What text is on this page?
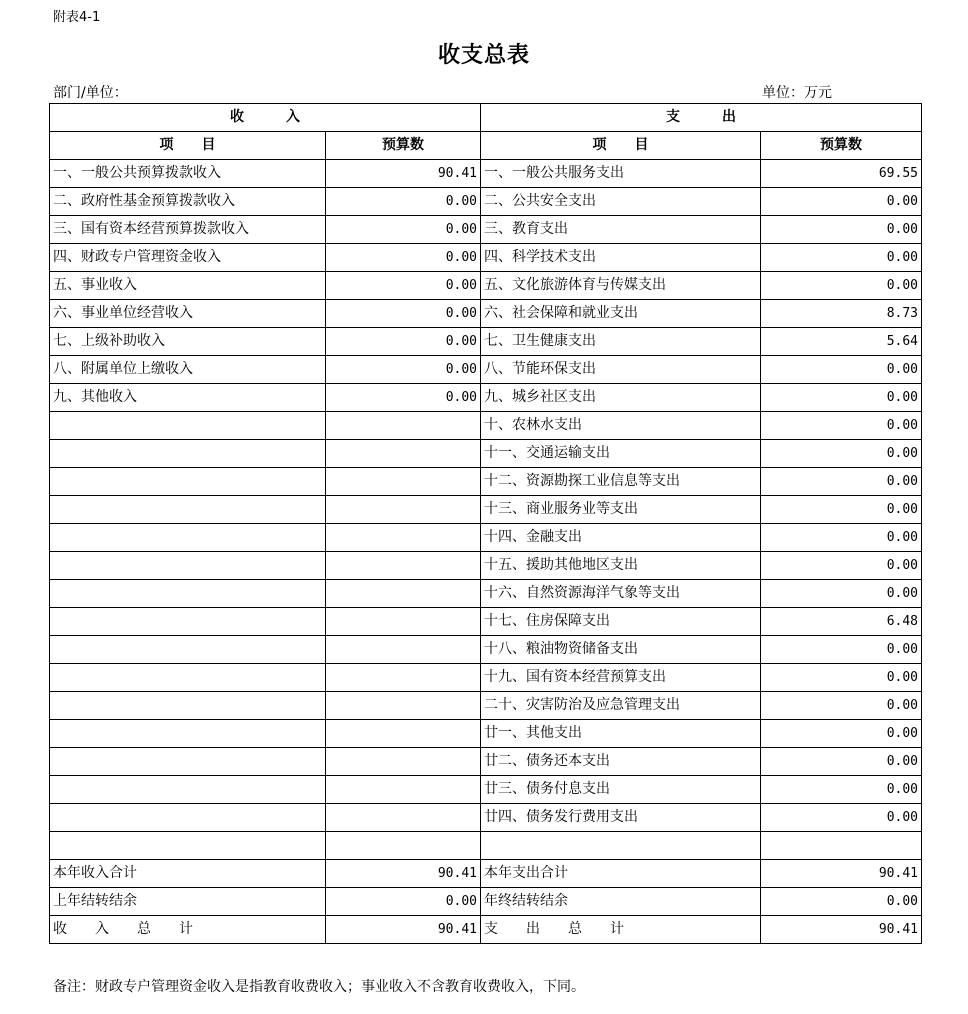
附表4-1
收支总表
部门/单位：	单位：万元
收　　　入		支　　　出	
项　　目	预算数	项　　目	预算数
一、一般公共预算拨款收入	90.41	一、一般公共服务支出	69.55
二、政府性基金预算拨款收入	0.00	二、公共安全支出	0.00
三、国有资本经营预算拨款收入	0.00	三、教育支出	0.00
四、财政专户管理资金收入	0.00	四、科学技术支出	0.00
五、事业收入	0.00	五、文化旅游体育与传媒支出	0.00
六、事业单位经营收入	0.00	六、社会保障和就业支出	8.73
七、上级补助收入	0.00	七、卫生健康支出	5.64
八、附属单位上缴收入	0.00	八、节能环保支出	0.00
九、其他收入	0.00	九、城乡社区支出	0.00
		十、农林水支出	0.00
		十一、交通运输支出	0.00
		十二、资源勘探工业信息等支出	0.00
		十三、商业服务业等支出	0.00
		十四、金融支出	0.00
		十五、援助其他地区支出	0.00
		十六、自然资源海洋气象等支出	0.00
		十七、住房保障支出	6.48
		十八、粮油物资储备支出	0.00
		十九、国有资本经营预算支出	0.00
		二十、灾害防治及应急管理支出	0.00
		廿一、其他支出	0.00
		廿二、债务还本支出	0.00
		廿三、债务付息支出	0.00
		廿四、债务发行费用支出	0.00

本年收入合计	90.41	本年支出合计	90.41
上年结转结余	0.00	年终结转结余	0.00
收　　入　　总　　计	90.41	支　　出　　总　　计	90.41
备注：财政专户管理资金收入是指教育收费收入；事业收入不含教育收费收入，下同。
